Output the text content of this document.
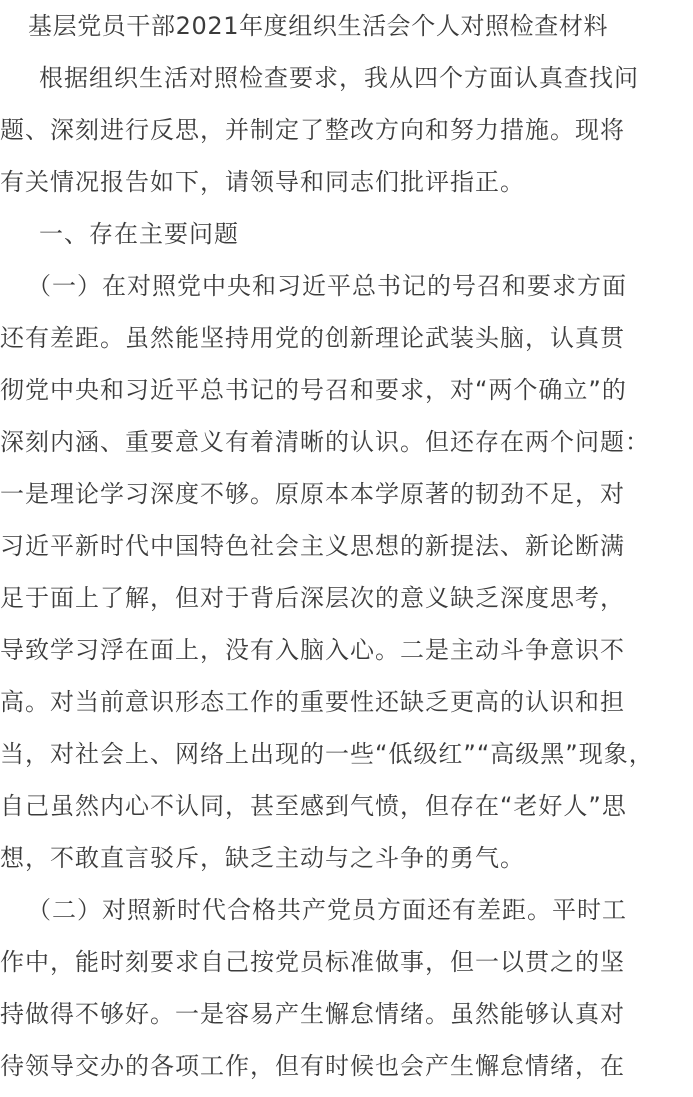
基层党员干部2021年度组织生活会个人对照检查材料
　根据组织生活对照检查要求，我从四个方面认真查找问
题、深刻进行反思，并制定了整改方向和努力措施。现将
有关情况报告如下，请领导和同志们批评指正。
　一、存在主要问题
　（一）在对照党中央和习近平总书记的号召和要求方面
还有差距。虽然能坚持用党的创新理论武装头脑，认真贯
彻党中央和习近平总书记的号召和要求，对“两个确立”的
深刻内涵、重要意义有着清晰的认识。但还存在两个问题：
一是理论学习深度不够。原原本本学原著的韧劲不足，对
习近平新时代中国特色社会主义思想的新提法、新论断满
足于面上了解，但对于背后深层次的意义缺乏深度思考，
导致学习浮在面上，没有入脑入心。二是主动斗争意识不
高。对当前意识形态工作的重要性还缺乏更高的认识和担
当，对社会上、网络上出现的一些“低级红”“高级黑”现象，
自己虽然内心不认同，甚至感到气愤，但存在“老好人”思
想，不敢直言驳斥，缺乏主动与之斗争的勇气。
　（二）对照新时代合格共产党员方面还有差距。平时工
作中，能时刻要求自己按党员标准做事，但一以贯之的坚
持做得不够好。一是容易产生懈怠情绪。虽然能够认真对
待领导交办的各项工作，但有时候也会产生懈怠情绪，在
